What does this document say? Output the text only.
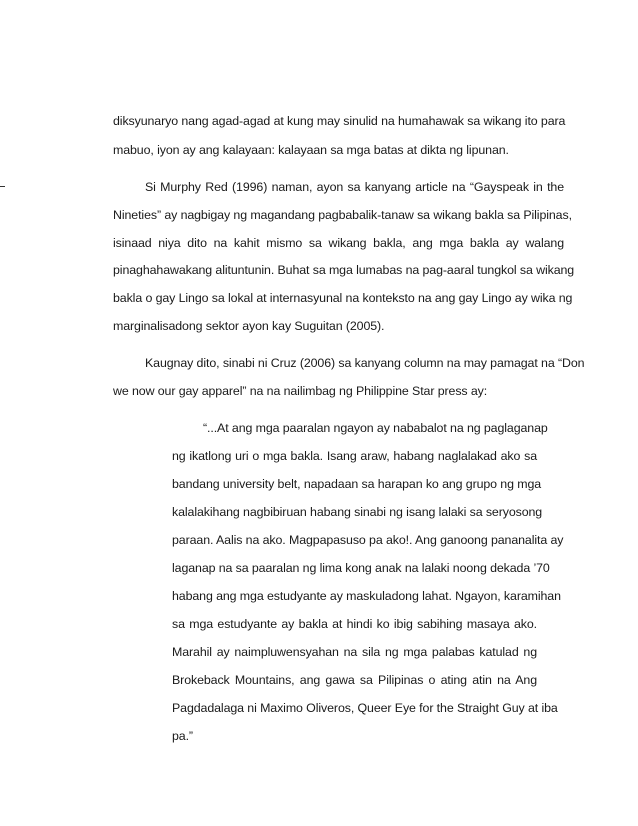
diksyunaryo nang agad-agad at kung may sinulid na humahawak sa wikang ito para
mabuo, iyon ay ang kalayaan: kalayaan sa mga batas at dikta ng lipunan.
Si Murphy Red (1996) naman, ayon sa kanyang article na “Gayspeak in the
Nineties” ay nagbigay ng magandang pagbabalik-tanaw sa wikang bakla sa Pilipinas,
isinaad niya dito na kahit mismo sa wikang bakla, ang mga bakla ay walang
pinaghahawakang alituntunin. Buhat sa mga lumabas na pag-aaral tungkol sa wikang
bakla o gay Lingo sa lokal at internasyunal na konteksto na ang gay Lingo ay wika ng
marginalisadong sektor ayon kay Suguitan (2005).
Kaugnay dito, sinabi ni Cruz (2006) sa kanyang column na may pamagat na “Don
we now our gay apparel” na na nailimbag ng Philippine Star press ay:
“...At ang mga paaralan ngayon ay nababalot na ng paglaganap
ng ikatlong uri o mga bakla. Isang araw, habang naglalakad ako sa
bandang university belt, napadaan sa harapan ko ang grupo ng mga
kalalakihang nagbibiruan habang sinabi ng isang lalaki sa seryosong
paraan. Aalis na ako. Magpapasuso pa ako!. Ang ganoong pananalita ay
laganap na sa paaralan ng lima kong anak na lalaki noong dekada ’70
habang ang mga estudyante ay maskuladong lahat. Ngayon, karamihan
sa mga estudyante ay bakla at hindi ko ibig sabihing masaya ako.
Marahil ay naimpluwensyahan na sila ng mga palabas katulad ng
Brokeback Mountains, ang gawa sa Pilipinas o ating atin na Ang
Pagdadalaga ni Maximo Oliveros, Queer Eye for the Straight Guy at iba
pa.”
